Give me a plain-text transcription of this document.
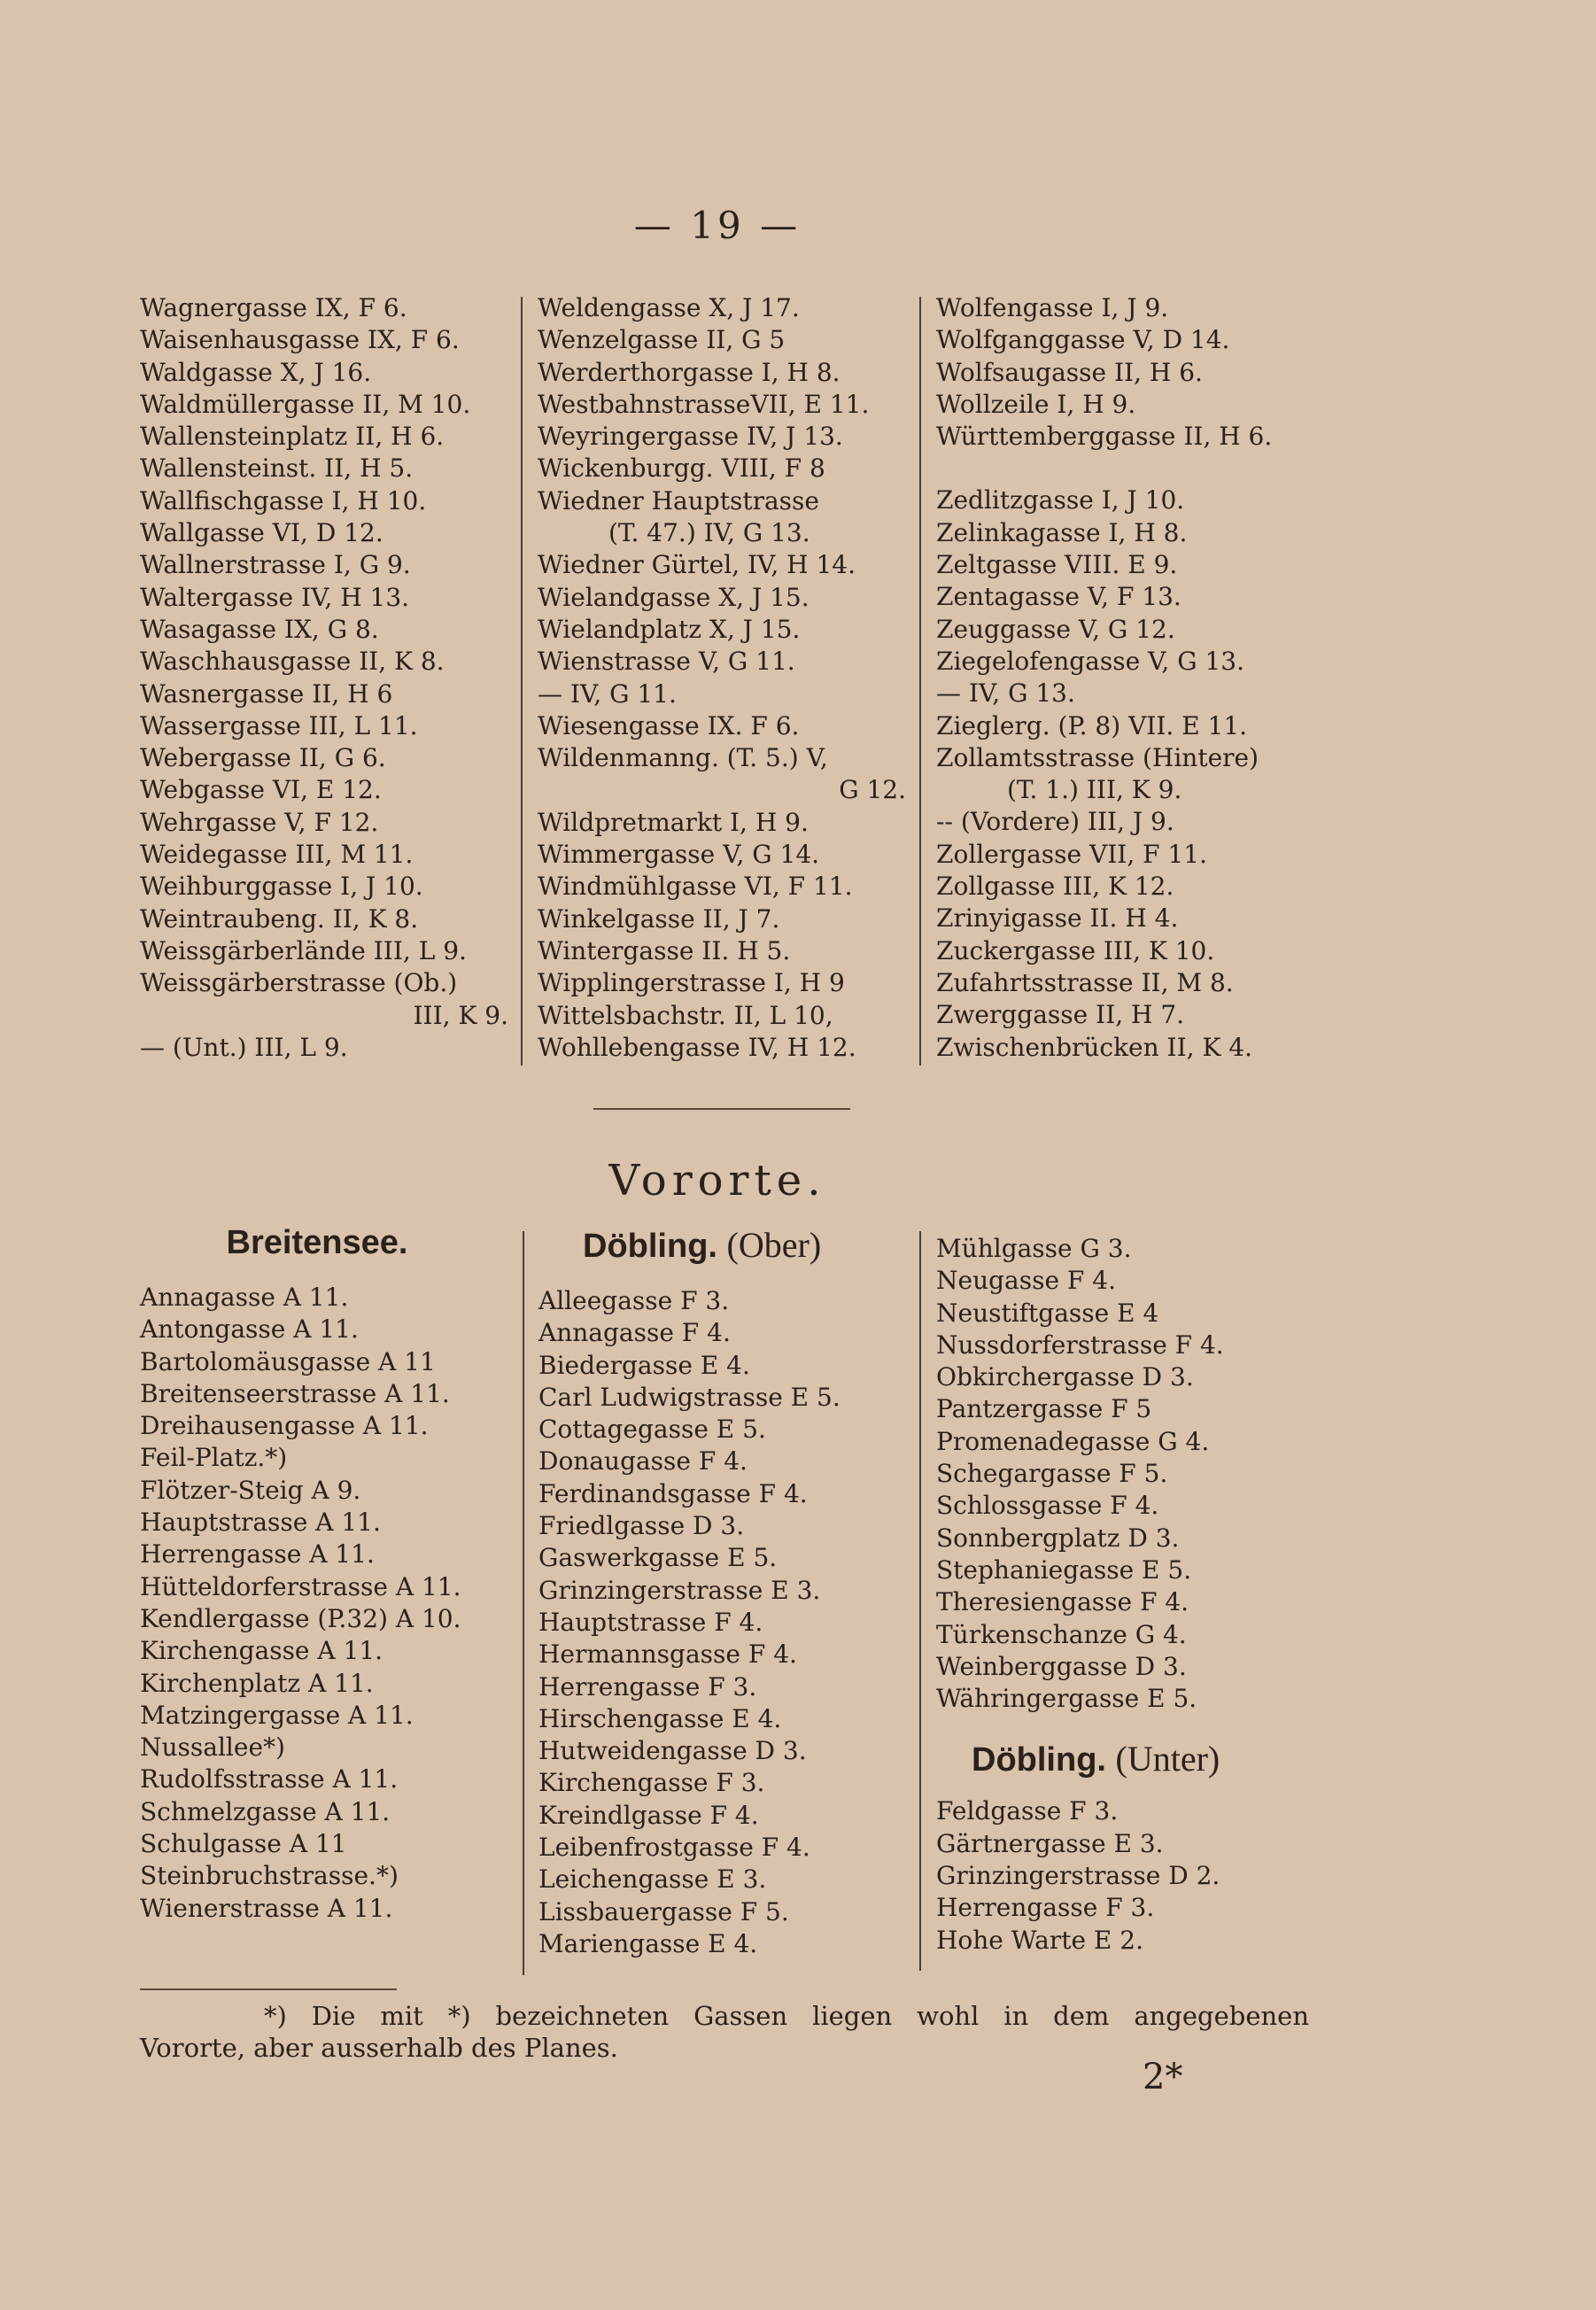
— 19 —
Wagnergasse IX, F 6.
Waisenhausgasse IX, F 6.
Waldgasse X, J 16.
Waldmüllergasse II, M 10.
Wallensteinplatz II, H 6.
Wallensteinst. II, H 5.
Wallfischgasse I, H 10.
Wallgasse VI, D 12.
Wallnerstrasse I, G 9.
Waltergasse IV, H 13.
Wasagasse IX, G 8.
Waschhausgasse II, K 8.
Wasnergasse II, H 6
Wassergasse III, L 11.
Webergasse II, G 6.
Webgasse VI, E 12.
Wehrgasse V, F 12.
Weidegasse III, M 11.
Weihburggasse I, J 10.
Weintraubeng. II, K 8.
Weissgärberlände III, L 9.
Weissgärberstrasse (Ob.)
III, K 9.
— (Unt.) III, L 9.
Weldengasse X, J 17.
Wenzelgasse II, G 5
Werderthorgasse I, H 8.
WestbahnstrasseVII, E 11.
Weyringergasse IV, J 13.
Wickenburgg. VIII, F 8
Wiedner Hauptstrasse
(T. 47.) IV, G 13.
Wiedner Gürtel, IV, H 14.
Wielandgasse X, J 15.
Wielandplatz X, J 15.
Wienstrasse V, G 11.
— IV, G 11.
Wiesengasse IX. F 6.
Wildenmanng. (T. 5.) V,
G 12.
Wildpretmarkt I, H 9.
Wimmergasse V, G 14.
Windmühlgasse VI, F 11.
Winkelgasse II, J 7.
Wintergasse II. H 5.
Wipplingerstrasse I, H 9
Wittelsbachstr. II, L 10,
Wohllebengasse IV, H 12.
Wolfengasse I, J 9.
Wolfganggasse V, D 14.
Wolfsaugasse II, H 6.
Wollzeile I, H 9.
Württemberggasse II, H 6.
Zedlitzgasse I, J 10.
Zelinkagasse I, H 8.
Zeltgasse VIII. E 9.
Zentagasse V, F 13.
Zeuggasse V, G 12.
Ziegelofengasse V, G 13.
— IV, G 13.
Zieglerg. (P. 8) VII. E 11.
Zollamtsstrasse (Hintere)
(T. 1.) III, K 9.
-- (Vordere) III, J 9.
Zollergasse VII, F 11.
Zollgasse III, K 12.
Zrinyigasse II. H 4.
Zuckergasse III, K 10.
Zufahrtsstrasse II, M 8.
Zwerggasse II, H 7.
Zwischenbrücken II, K 4.
Vororte.
Breitensee.
Annagasse A 11.
Antongasse A 11.
Bartolomäusgasse A 11
Breitenseerstrasse A 11.
Dreihausengasse A 11.
Feil-Platz.*)
Flötzer-Steig A 9.
Hauptstrasse A 11.
Herrengasse A 11.
Hütteldorferstrasse A 11.
Kendlergasse (P.32) A 10.
Kirchengasse A 11.
Kirchenplatz A 11.
Matzingergasse A 11.
Nussallee*)
Rudolfsstrasse A 11.
Schmelzgasse A 11.
Schulgasse A 11
Steinbruchstrasse.*)
Wienerstrasse A 11.
Döbling. (Ober)
Alleegasse F 3.
Annagasse F 4.
Biedergasse E 4.
Carl Ludwigstrasse E 5.
Cottagegasse E 5.
Donaugasse F 4.
Ferdinandsgasse F 4.
Friedlgasse D 3.
Gaswerkgasse E 5.
Grinzingerstrasse E 3.
Hauptstrasse F 4.
Hermannsgasse F 4.
Herrengasse F 3.
Hirschengasse E 4.
Hutweidengasse D 3.
Kirchengasse F 3.
Kreindlgasse F 4.
Leibenfrostgasse F 4.
Leichengasse E 3.
Lissbauergasse F 5.
Mariengasse E 4.
Mühlgasse G 3.
Neugasse F 4.
Neustiftgasse E 4
Nussdorferstrasse F 4.
Obkirchergasse D 3.
Pantzergasse F 5
Promenadegasse G 4.
Schegargasse F 5.
Schlossgasse F 4.
Sonnbergplatz D 3.
Stephaniegasse E 5.
Theresiengasse F 4.
Türkenschanze G 4.
Weinberggasse D 3.
Währingergasse E 5.
Döbling. (Unter)
Feldgasse F 3.
Gärtnergasse E 3.
Grinzingerstrasse D 2.
Herrengasse F 3.
Hohe Warte E 2.
*) Die mit *) bezeichneten Gassen liegen wohl in dem angegebenen
Vororte, aber ausserhalb des Planes.
2*
